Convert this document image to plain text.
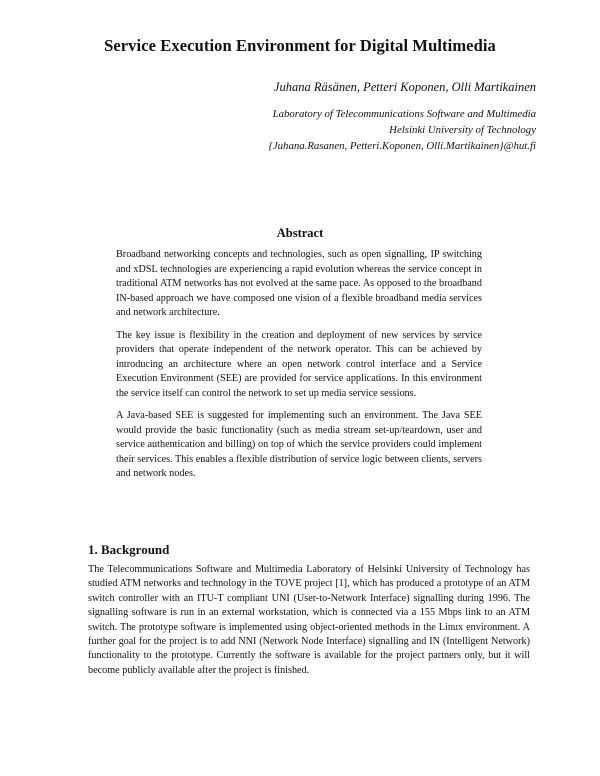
Service Execution Environment for Digital Multimedia
Juhana Räsänen, Petteri Koponen, Olli Martikainen
Laboratory of Telecommunications Software and Multimedia
Helsinki University of Technology
{Juhana.Rasanen, Petteri.Koponen, Olli.Martikainen}@hut.fi
Abstract

Broadband networking concepts and technologies, such as open signalling, IP switching and xDSL technologies are experiencing a rapid evolution whereas the service concept in traditional ATM networks has not evolved at the same pace. As opposed to the broadband IN-based approach we have composed one vision of a flexible broadband media services and network architecture.

The key issue is flexibility in the creation and deployment of new services by service providers that operate independent of the network operator. This can be achieved by introducing an architecture where an open network control interface and a Service Execution Environment (SEE) are provided for service applications. In this environment the service itself can control the network to set up media service sessions.

A Java-based SEE is suggested for implementing such an environment. The Java SEE would provide the basic functionality (such as media stream set-up/teardown, user and service authentication and billing) on top of which the service providers could implement their services. This enables a flexible distribution of service logic between clients, servers and network nodes.

1. Background

The Telecommunications Software and Multimedia Laboratory of Helsinki University of Technology has studied ATM networks and technology in the TOVE project [1], which has produced a prototype of an ATM switch controller with an ITU-T compliant UNI (User-to-Network Interface) signalling during 1996. The signalling software is run in an external workstation, which is connected via a 155 Mbps link to an ATM switch. The prototype software is implemented using object-oriented methods in the Linux environment. A further goal for the project is to add NNI (Network Node Interface) signalling and IN (Intelligent Network) functionality to the prototype. Currently the software is available for the project partners only, but it will become publicly available after the project is finished.
